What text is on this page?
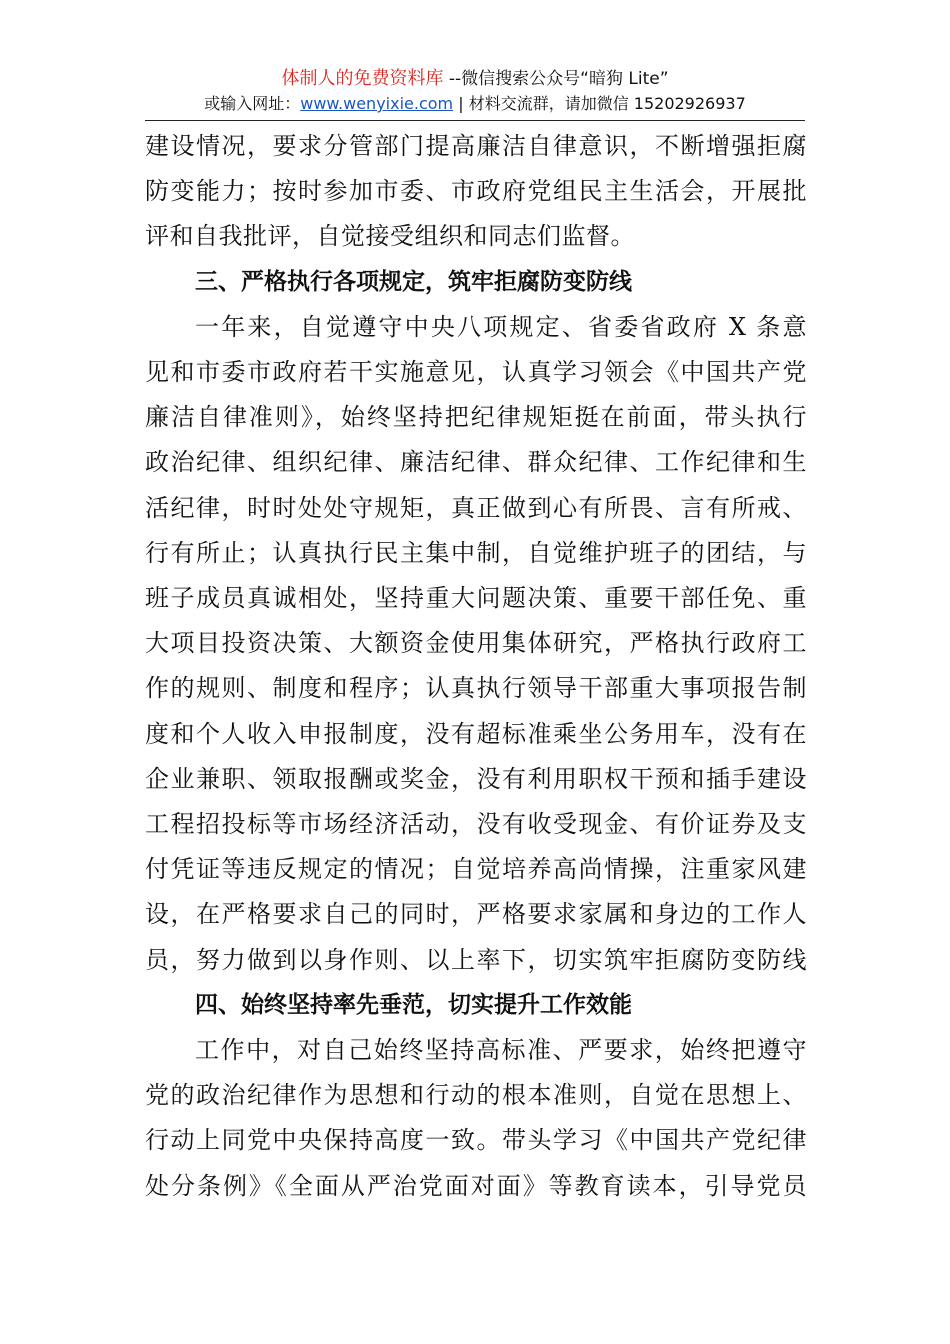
体制人的免费资料库 --微信搜索公众号“暗狗 Lite”
或输入网址：www.wenyixie.com | 材料交流群，请加微信 15202926937

建设情况，要求分管部门提高廉洁自律意识，不断增强拒腐

防变能力；按时参加市委、市政府党组民主生活会，开展批

评和自我批评，自觉接受组织和同志们监督。

三、严格执行各项规定，筑牢拒腐防变防线

一年来，自觉遵守中央八项规定、省委省政府 X 条意

见和市委市政府若干实施意见，认真学习领会《中国共产党

廉洁自律准则》，始终坚持把纪律规矩挺在前面，带头执行

政治纪律、组织纪律、廉洁纪律、群众纪律、工作纪律和生

活纪律，时时处处守规矩，真正做到心有所畏、言有所戒、

行有所止；认真执行民主集中制，自觉维护班子的团结，与

班子成员真诚相处，坚持重大问题决策、重要干部任免、重

大项目投资决策、大额资金使用集体研究，严格执行政府工

作的规则、制度和程序；认真执行领导干部重大事项报告制

度和个人收入申报制度，没有超标准乘坐公务用车，没有在

企业兼职、领取报酬或奖金，没有利用职权干预和插手建设

工程招投标等市场经济活动，没有收受现金、有价证券及支

付凭证等违反规定的情况；自觉培养高尚情操，注重家风建

设，在严格要求自己的同时，严格要求家属和身边的工作人

员，努力做到以身作则、以上率下，切实筑牢拒腐防变防线

四、始终坚持率先垂范，切实提升工作效能

工作中，对自己始终坚持高标准、严要求，始终把遵守

党的政治纪律作为思想和行动的根本准则，自觉在思想上、

行动上同党中央保持高度一致。带头学习《中国共产党纪律

处分条例》《全面从严治党面对面》等教育读本，引导党员
